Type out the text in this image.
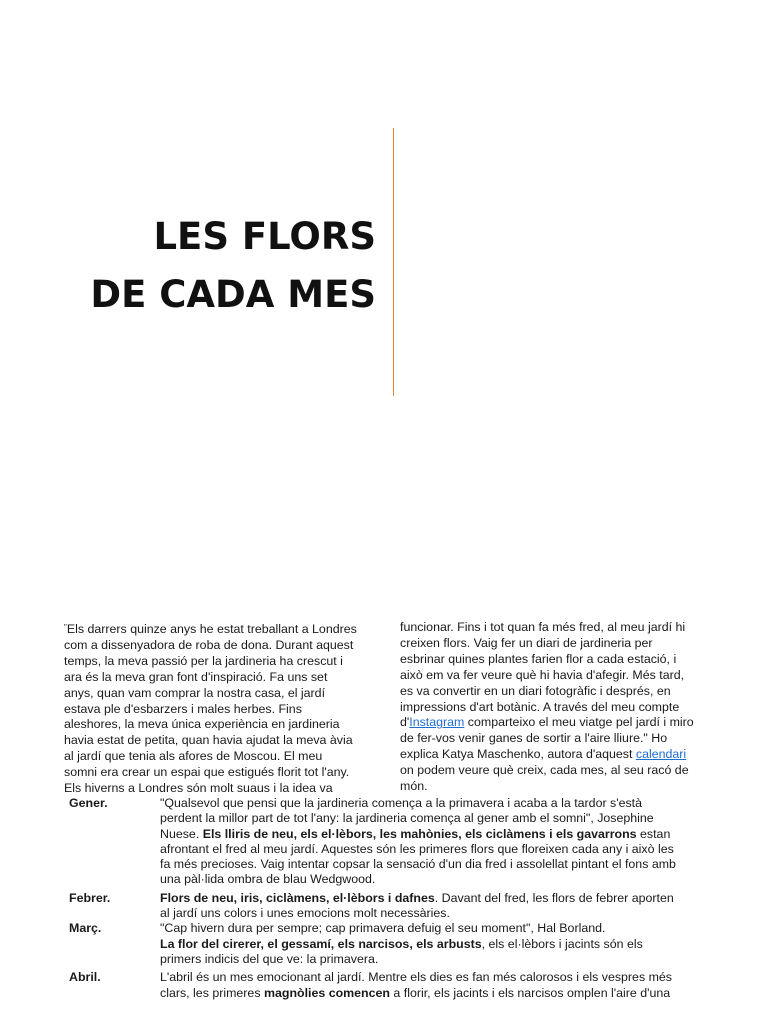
LES FLORS
DE CADA MES
"Els darrers quinze anys he estat treballant a Londres
com a dissenyadora de roba de dona. Durant aquest
temps, la meva passió per la jardineria ha crescut i
ara és la meva gran font d'inspiració. Fa uns set
anys, quan vam comprar la nostra casa, el jardí
estava ple d'esbarzers i males herbes. Fins
aleshores, la meva única experiència en jardineria
havia estat de petita, quan havia ajudat la meva àvia
al jardí que tenia als afores de Moscou. El meu
somni era crear un espai que estigués florit tot l'any.
Els hiverns a Londres són molt suaus i la idea va
funcionar. Fins i tot quan fa més fred, al meu jardí hi
creixen flors. Vaig fer un diari de jardineria per
esbrinar quines plantes farien flor a cada estació, i
això em va fer veure què hi havia d'afegir. Més tard,
es va convertir en un diari fotogràfic i després, en
impressions d'art botànic. A través del meu compte
d'Instagram comparteixo el meu viatge pel jardí i miro
de fer-vos venir ganes de sortir a l'aire lliure." Ho
explica Katya Maschenko, autora d'aquest calendari
on podem veure què creix, cada mes, al seu racó de
món.
Gener.	"Qualsevol que pensi que la jardineria comença a la primavera i acaba a la tardor s'està
perdent la millor part de tot l'any: la jardineria comença al gener amb el somni", Josephine
Nuese. Els lliris de neu, els el·lèbors, les mahònies, els ciclàmens i els gavarrons estan
afrontant el fred al meu jardí. Aquestes són les primeres flors que floreixen cada any i això les
fa més precioses. Vaig intentar copsar la sensació d'un dia fred i assolellat pintant el fons amb
una pàl·lida ombra de blau Wedgwood.
Febrer.	Flors de neu, iris, ciclàmens, el·lèbors i dafnes. Davant del fred, les flors de febrer aporten
al jardí uns colors i unes emocions molt necessàries.
Març.	"Cap hivern dura per sempre; cap primavera defuig el seu moment", Hal Borland.
La flor del cirerer, el gessamí, els narcisos, els arbusts, els el·lèbors i jacints són els
primers indicis del que ve: la primavera.
Abril.	L'abril és un mes emocionant al jardí. Mentre els dies es fan més calorosos i els vespres més
clars, les primeres magnòlies comencen a florir, els jacints i els narcisos omplen l'aire d'una
